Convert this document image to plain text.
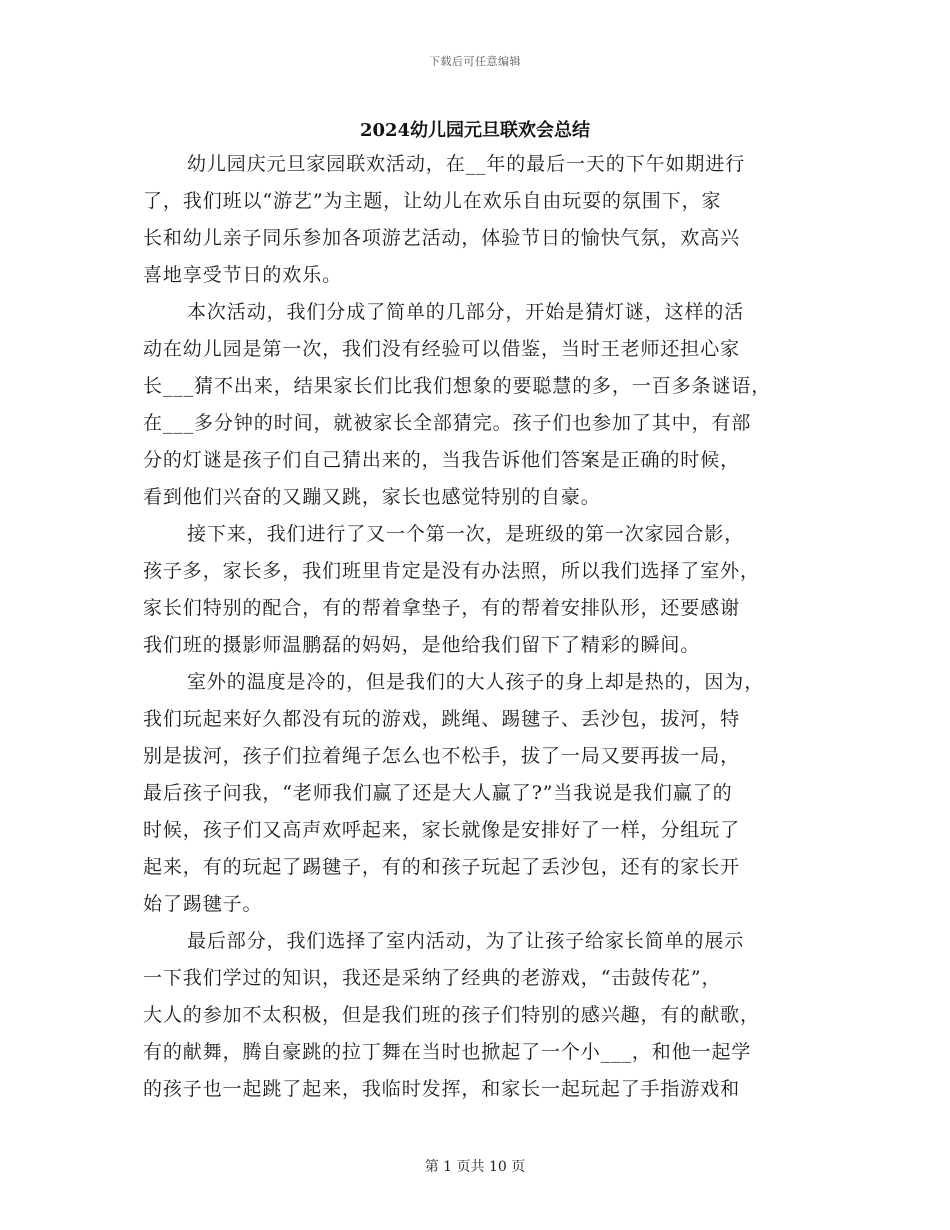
下载后可任意编辑
2024幼儿园元旦联欢会总结
幼儿园庆元旦家园联欢活动，在__年的最后一天的下午如期进行
了，我们班以“游艺”为主题，让幼儿在欢乐自由玩耍的氛围下，家
长和幼儿亲子同乐参加各项游艺活动，体验节日的愉快气氛，欢高兴
喜地享受节日的欢乐。
本次活动，我们分成了简单的几部分，开始是猜灯谜，这样的活
动在幼儿园是第一次，我们没有经验可以借鉴，当时王老师还担心家
长___猜不出来，结果家长们比我们想象的要聪慧的多，一百多条谜语，
在___多分钟的时间，就被家长全部猜完。孩子们也参加了其中，有部
分的灯谜是孩子们自己猜出来的，当我告诉他们答案是正确的时候，
看到他们兴奋的又蹦又跳，家长也感觉特别的自豪。
接下来，我们进行了又一个第一次，是班级的第一次家园合影，
孩子多，家长多，我们班里肯定是没有办法照，所以我们选择了室外，
家长们特别的配合，有的帮着拿垫子，有的帮着安排队形，还要感谢
我们班的摄影师温鹏磊的妈妈，是他给我们留下了精彩的瞬间。
室外的温度是冷的，但是我们的大人孩子的身上却是热的，因为，
我们玩起来好久都没有玩的游戏，跳绳、踢毽子、丢沙包，拔河，特
别是拔河，孩子们拉着绳子怎么也不松手，拔了一局又要再拔一局，
最后孩子问我，“老师我们赢了还是大人赢了?”当我说是我们赢了的
时候，孩子们又高声欢呼起来，家长就像是安排好了一样，分组玩了
起来，有的玩起了踢毽子，有的和孩子玩起了丢沙包，还有的家长开
始了踢毽子。
最后部分，我们选择了室内活动，为了让孩子给家长简单的展示
一下我们学过的知识，我还是采纳了经典的老游戏，“击鼓传花”，
大人的参加不太积极，但是我们班的孩子们特别的感兴趣，有的献歌，
有的献舞，腾自豪跳的拉丁舞在当时也掀起了一个小___，和他一起学
的孩子也一起跳了起来，我临时发挥，和家长一起玩起了手指游戏和
第 1 页共 10 页
